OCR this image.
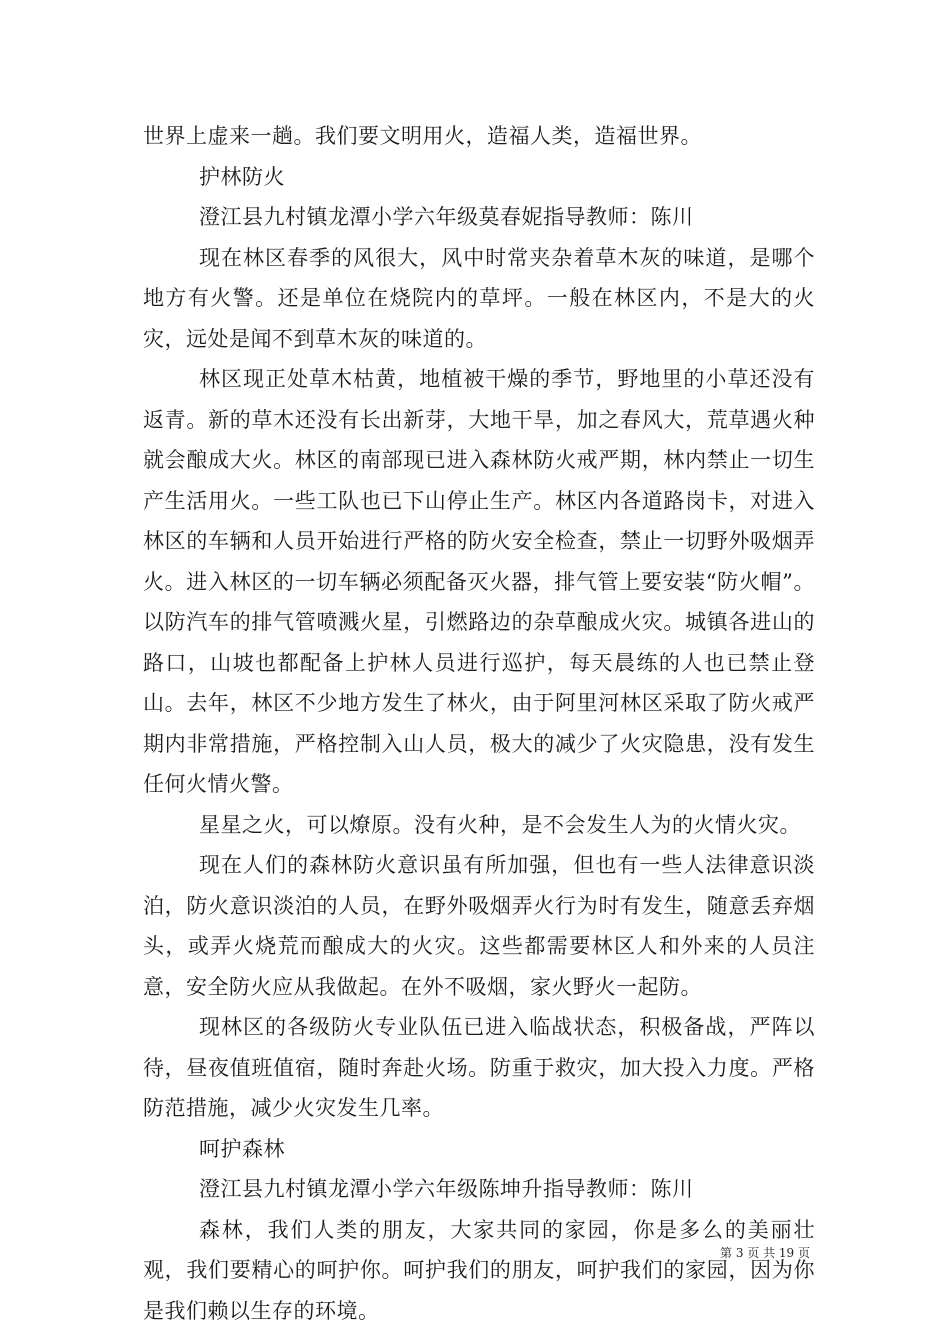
世界上虚来一趟。我们要文明用火，造福人类，造福世界。

护林防火

澄江县九村镇龙潭小学六年级莫春妮指导教师：陈川

现在林区春季的风很大，风中时常夹杂着草木灰的味道，是哪个地方有火警。还是单位在烧院内的草坪。一般在林区内，不是大的火灾，远处是闻不到草木灰的味道的。

林区现正处草木枯黄，地植被干燥的季节，野地里的小草还没有返青。新的草木还没有长出新芽，大地干旱，加之春风大，荒草遇火种就会酿成大火。林区的南部现已进入森林防火戒严期，林内禁止一切生产生活用火。一些工队也已下山停止生产。林区内各道路岗卡，对进入林区的车辆和人员开始进行严格的防火安全检查，禁止一切野外吸烟弄火。进入林区的一切车辆必须配备灭火器，排气管上要安装“防火帽”。以防汽车的排气管喷溅火星，引燃路边的杂草酿成火灾。城镇各进山的路口，山坡也都配备上护林人员进行巡护，每天晨练的人也已禁止登山。去年，林区不少地方发生了林火，由于阿里河林区采取了防火戒严期内非常措施，严格控制入山人员，极大的减少了火灾隐患，没有发生任何火情火警。

星星之火，可以燎原。没有火种，是不会发生人为的火情火灾。

现在人们的森林防火意识虽有所加强，但也有一些人法律意识淡泊，防火意识淡泊的人员，在野外吸烟弄火行为时有发生，随意丢弃烟头，或弄火烧荒而酿成大的火灾。这些都需要林区人和外来的人员注意，安全防火应从我做起。在外不吸烟，家火野火一起防。

现林区的各级防火专业队伍已进入临战状态，积极备战，严阵以待，昼夜值班值宿，随时奔赴火场。防重于救灾，加大投入力度。严格防范措施，减少火灾发生几率。

呵护森林

澄江县九村镇龙潭小学六年级陈坤升指导教师：陈川

森林，我们人类的朋友，大家共同的家园，你是多么的美丽壮观，我们要精心的呵护你。呵护我们的朋友，呵护我们的家园，因为你是我们赖以生存的环境。

第 3 页 共 19 页
